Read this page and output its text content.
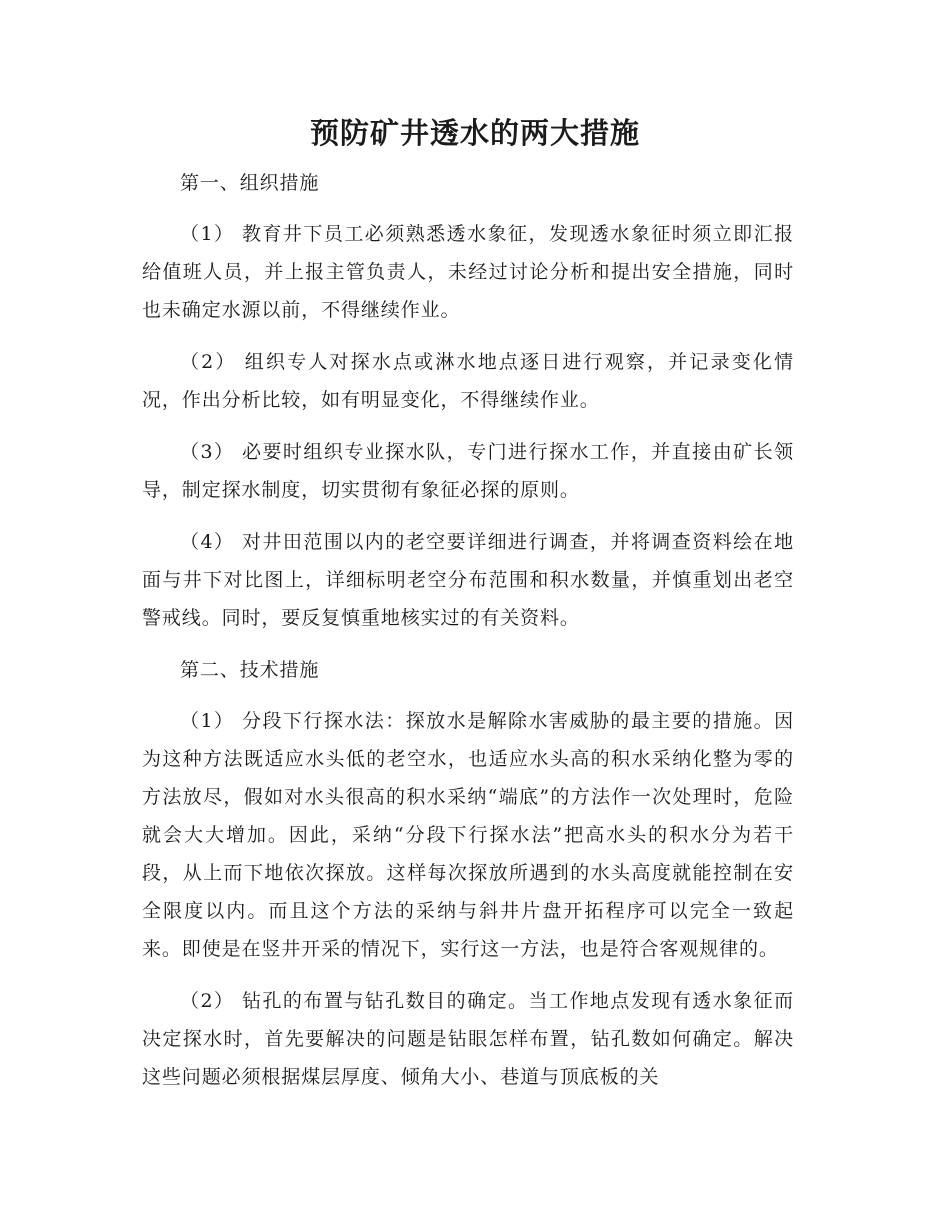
预防矿井透水的两大措施

第一、组织措施

（1） 教育井下员工必须熟悉透水象征，发现透水象征时须立即汇报给值班人员，并上报主管负责人，未经过讨论分析和提出安全措施，同时也未确定水源以前，不得继续作业。

（2） 组织专人对探水点或淋水地点逐日进行观察，并记录变化情况，作出分析比较，如有明显变化，不得继续作业。

（3） 必要时组织专业探水队，专门进行探水工作，并直接由矿长领导，制定探水制度，切实贯彻有象征必探的原则。

（4） 对井田范围以内的老空要详细进行调查，并将调查资料绘在地面与井下对比图上，详细标明老空分布范围和积水数量，并慎重划出老空警戒线。同时，要反复慎重地核实过的有关资料。

第二、技术措施

（1） 分段下行探水法：探放水是解除水害威胁的最主要的措施。因为这种方法既适应水头低的老空水，也适应水头高的积水采纳化整为零的方法放尽，假如对水头很高的积水采纳“端底”的方法作一次处理时，危险就会大大增加。因此，采纳“分段下行探水法”把高水头的积水分为若干段，从上而下地依次探放。这样每次探放所遇到的水头高度就能控制在安全限度以内。而且这个方法的采纳与斜井片盘开拓程序可以完全一致起来。即使是在竖井开采的情况下，实行这一方法，也是符合客观规律的。

（2） 钻孔的布置与钻孔数目的确定。当工作地点发现有透水象征而决定探水时，首先要解决的问题是钻眼怎样布置，钻孔数如何确定。解决这些问题必须根据煤层厚度、倾角大小、巷道与顶底板的关
